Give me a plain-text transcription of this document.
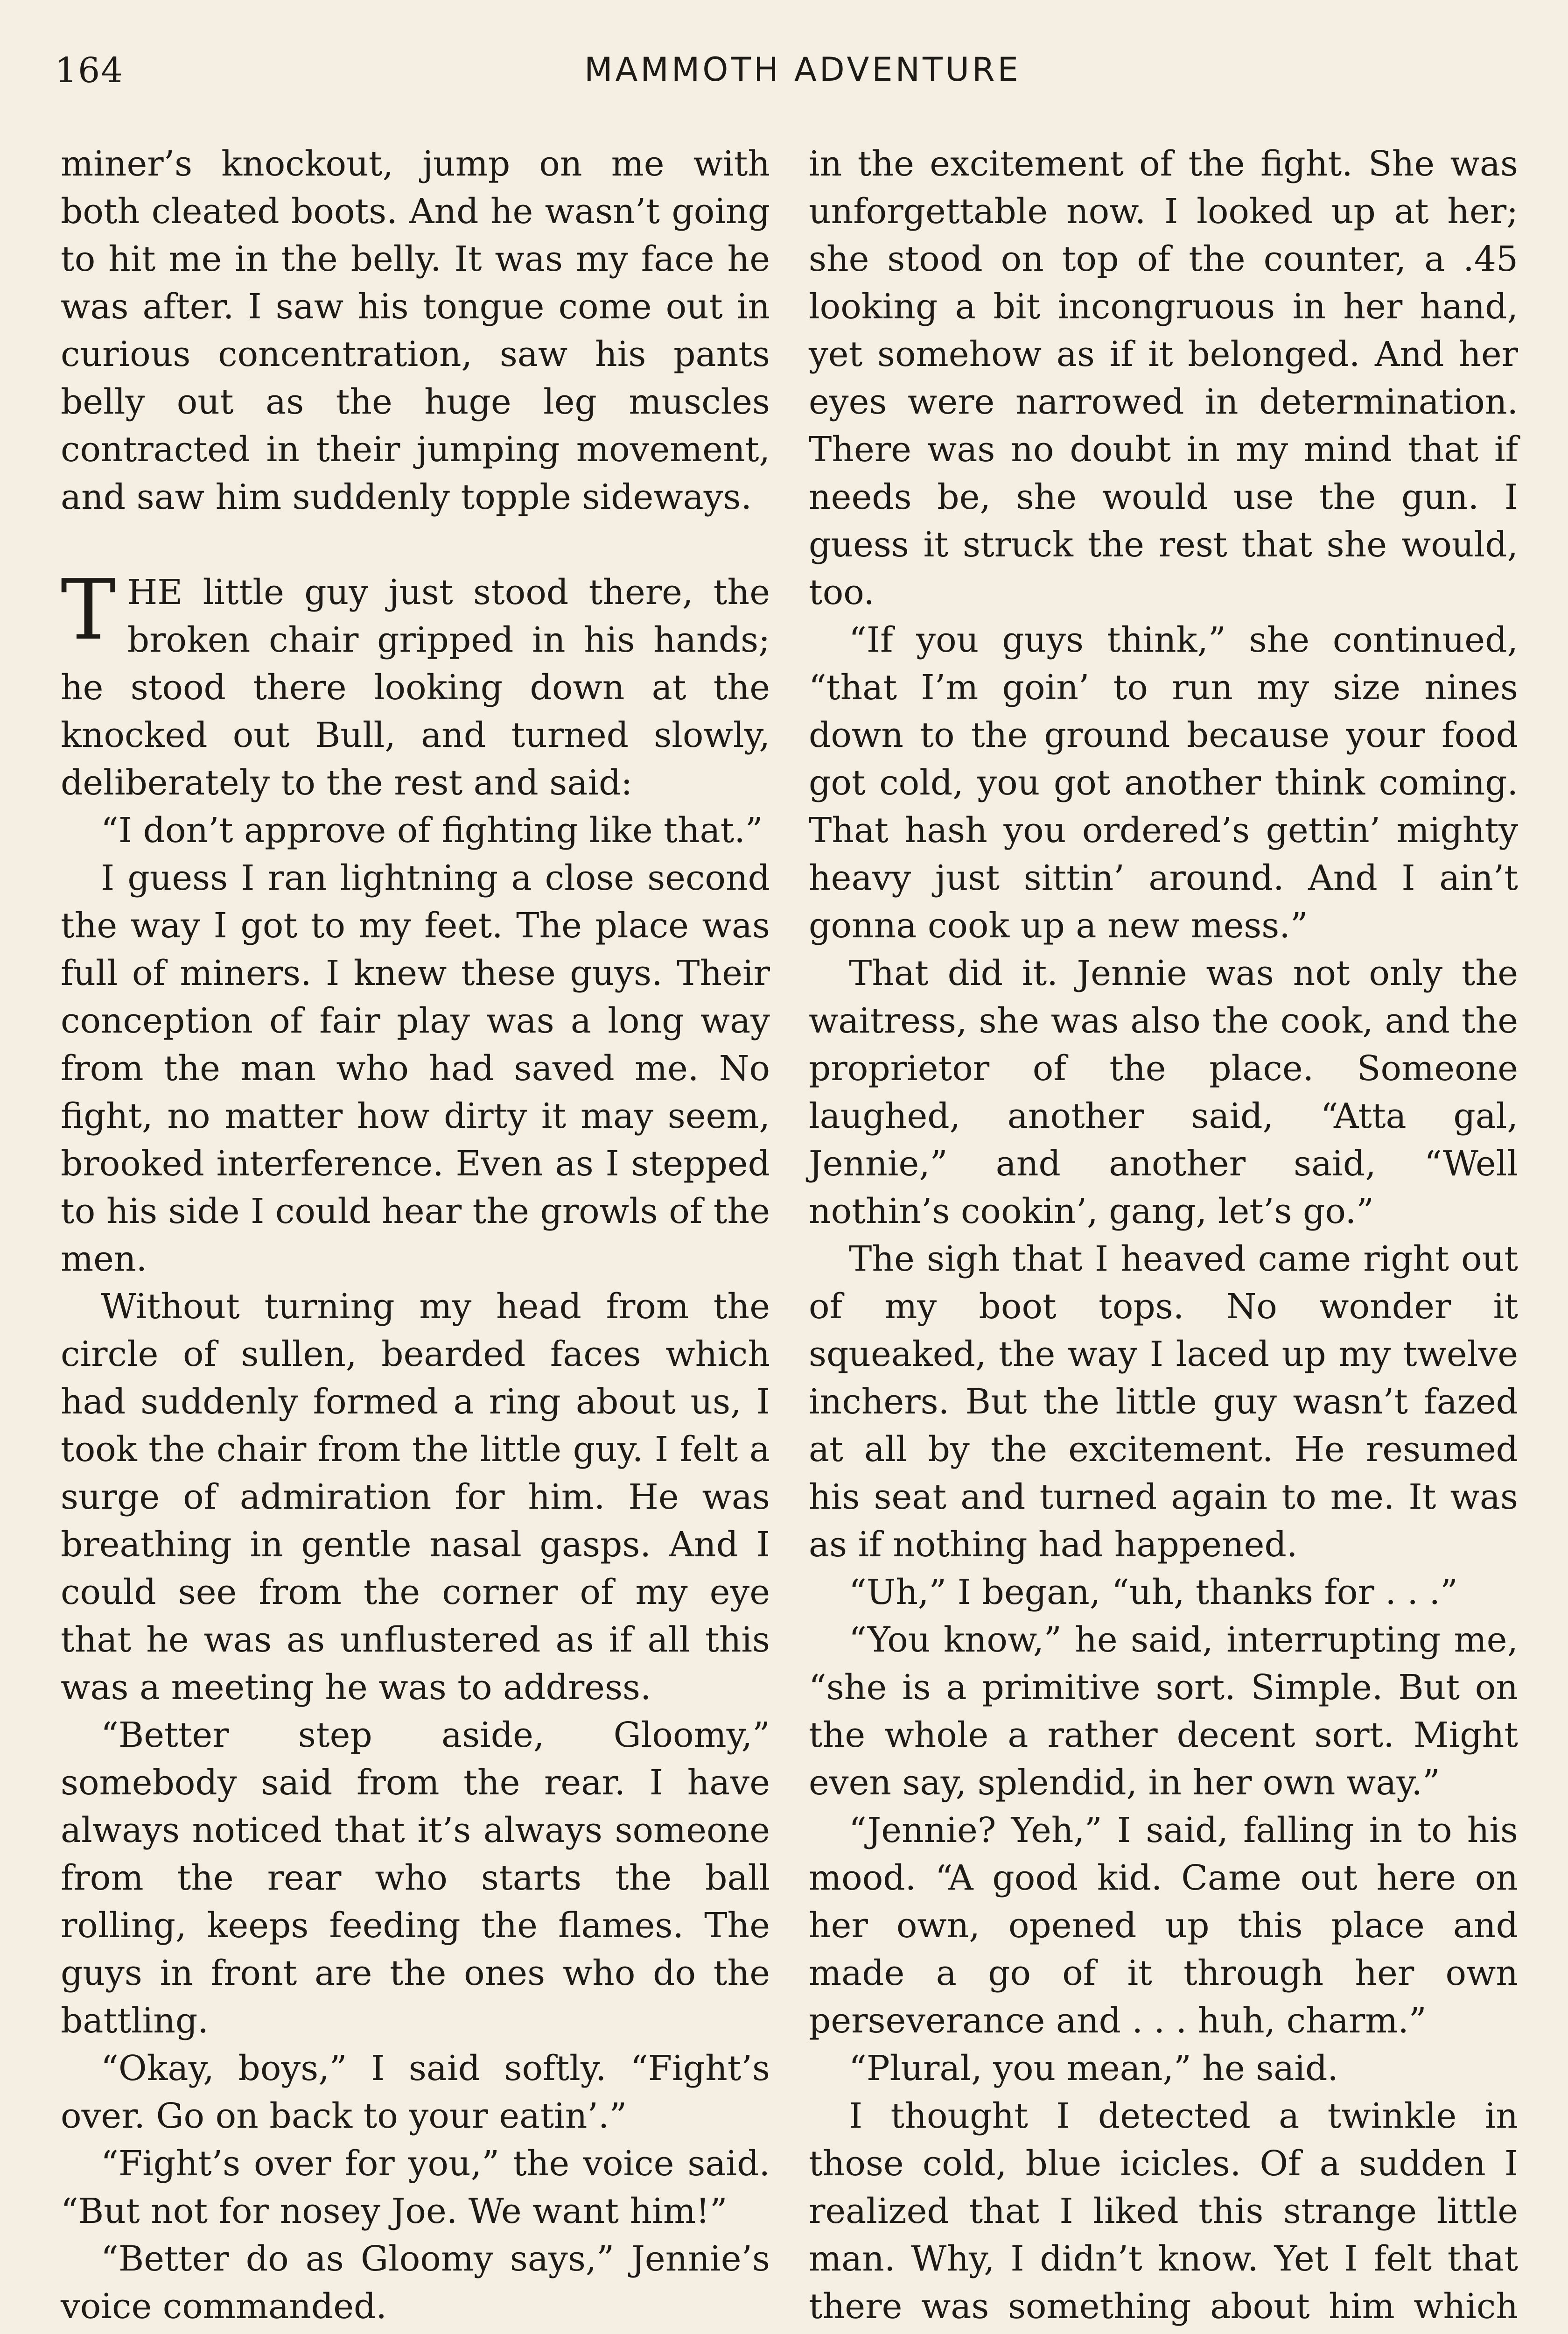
164	MAMMOTH ADVENTURE

miner’s knockout, jump on me with both cleated boots. And he wasn’t going to hit me in the belly. It was my face he was after. I saw his tongue come out in curious concentration, saw his pants belly out as the huge leg muscles contracted in their jumping movement, and saw him suddenly topple sideways.

THE little guy just stood there, the broken chair gripped in his hands; he stood there looking down at the knocked out Bull, and turned slowly, deliberately to the rest and said:

“I don’t approve of fighting like that.”

I guess I ran lightning a close second the way I got to my feet. The place was full of miners. I knew these guys. Their conception of fair play was a long way from the man who had saved me. No fight, no matter how dirty it may seem, brooked interference. Even as I stepped to his side I could hear the growls of the men.

Without turning my head from the circle of sullen, bearded faces which had suddenly formed a ring about us, I took the chair from the little guy. I felt a surge of admiration for him. He was breathing in gentle nasal gasps. And I could see from the corner of my eye that he was as unflustered as if all this was a meeting he was to address.

“Better step aside, Gloomy,” somebody said from the rear. I have always noticed that it’s always someone from the rear who starts the ball rolling, keeps feeding the flames. The guys in front are the ones who do the battling.

“Okay, boys,” I said softly. “Fight’s over. Go on back to your eatin’.”

“Fight’s over for you,” the voice said. “But not for nosey Joe. We want him!”

“Better do as Gloomy says,” Jennie’s voice commanded.

in the excitement of the fight. She was unforgettable now. I looked up at her; she stood on top of the counter, a .45 looking a bit incongruous in her hand, yet somehow as if it belonged. And her eyes were narrowed in determination. There was no doubt in my mind that if needs be, she would use the gun. I guess it struck the rest that she would, too.

“If you guys think,” she continued, “that I’m goin’ to run my size nines down to the ground because your food got cold, you got another think coming. That hash you ordered’s gettin’ mighty heavy just sittin’ around. And I ain’t gonna cook up a new mess.”

That did it. Jennie was not only the waitress, she was also the cook, and the proprietor of the place. Someone laughed, another said, “Atta gal, Jennie,” and another said, “Well nothin’s cookin’, gang, let’s go.”

The sigh that I heaved came right out of my boot tops. No wonder it squeaked, the way I laced up my twelve inchers. But the little guy wasn’t fazed at all by the excitement. He resumed his seat and turned again to me. It was as if nothing had happened.

“Uh,” I began, “uh, thanks for . . .”

“You know,” he said, interrupting me, “she is a primitive sort. Simple. But on the whole a rather decent sort. Might even say, splendid, in her own way.”

“Jennie? Yeh,” I said, falling in to his mood. “A good kid. Came out here on her own, opened up this place and made a go of it through her own perseverance and . . . huh, charm.”

“Plural, you mean,” he said.

I thought I detected a twinkle in those cold, blue icicles. Of a sudden I realized that I liked this strange little man. Why, I didn’t know. Yet I felt that there was something about him which
